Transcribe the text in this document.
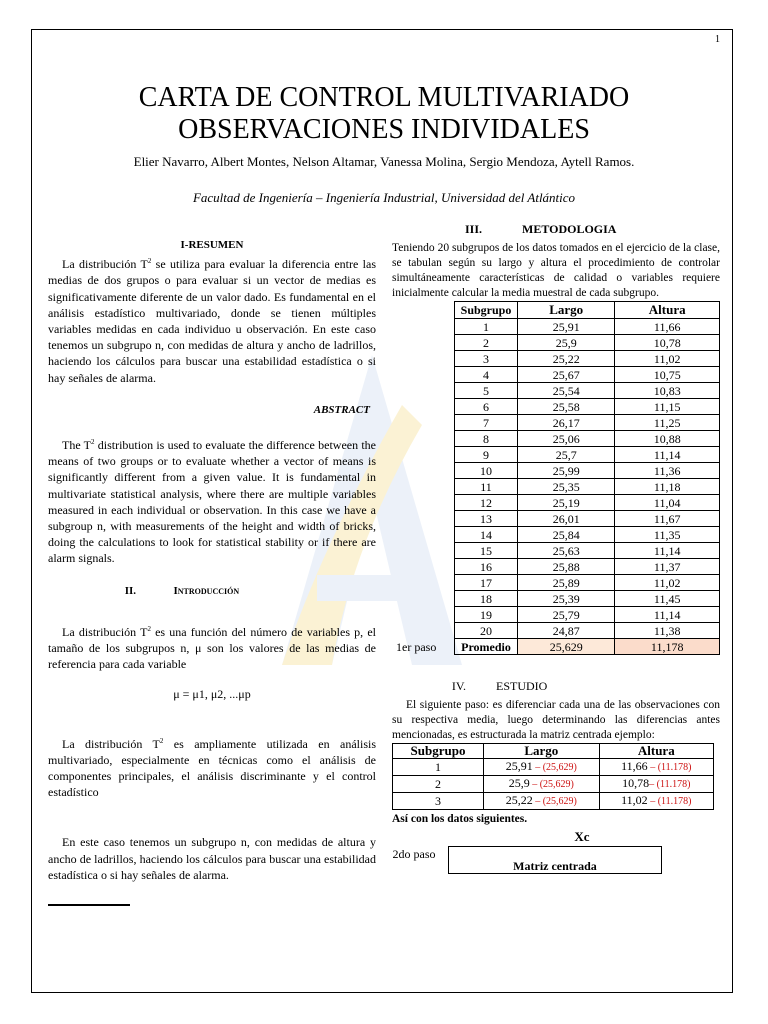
1
CARTA DE CONTROL MULTIVARIADO
OBSERVACIONES INDIVIDALES
Elier Navarro, Albert Montes, Nelson Altamar, Vanessa Molina, Sergio Mendoza, Aytell Ramos.
Facultad de Ingeniería – Ingeniería Industrial, Universidad del Atlántico
I-RESUMEN

La distribución $T^2$ se utiliza para evaluar la diferencia entre las medias de dos grupos o para evaluar si un vector de medias es significativamente diferente de un valor dado. Es fundamental en el análisis estadístico multivariado, donde se tienen múltiples variables medidas en cada individuo u observación. En este caso tenemos un subgrupo n, con medidas de altura y ancho de ladrillos, haciendo los cálculos para buscar una estabilidad estadística o si hay señales de alarma.

ABSTRACT

The $T^2$ distribution is used to evaluate the difference between the means of two groups or to evaluate whether a vector of means is significantly different from a given value. It is fundamental in multivariate statistical analysis, where there are multiple variables measured in each individual or observation. In this case we have a subgroup n, with measurements of the height and width of bricks, doing the calculations to look for statistical stability or if there are alarm signals.

II.	Introducción

La distribución $T^2$ es una función del número de variables p, el tamaño de los subgrupos n, μ son los valores de las medias de referencia para cada variable

μ = μ1, μ2, ...μp

La distribución $T^2$ es ampliamente utilizada en análisis multivariado, especialmente en técnicas como el análisis de componentes principales, el análisis discriminante y el control estadístico

En este caso tenemos un subgrupo n, con medidas de altura y ancho de ladrillos, haciendo los cálculos para buscar una estabilidad estadística o si hay señales de alarma.

III.	METODOLOGIA

Teniendo 20 subgrupos de los datos tomados en el ejercicio de la clase, se tabulan según su largo y altura el procedimiento de controlar simultáneamente características de calidad o variables requiere inicialmente calcular la media muestral de cada subgrupo.

Subgrupo	Largo	Altura
1	25,91	11,66
2	25,9	10,78
3	25,22	11,02
4	25,67	10,75
5	25,54	10,83
6	25,58	11,15
7	26,17	11,25
8	25,06	10,88
9	25,7	11,14
10	25,99	11,36
11	25,35	11,18
12	25,19	11,04
13	26,01	11,67
14	25,84	11,35
15	25,63	11,14
16	25,88	11,37
17	25,89	11,02
18	25,39	11,45
19	25,79	11,14
20	24,87	11,38
Promedio	25,629	11,178
1er paso
IV.	ESTUDIO

El siguiente paso: es diferenciar cada una de las observaciones con su respectiva media, luego determinando las diferencias antes mencionadas, es estructurada la matriz centrada ejemplo:

Subgrupo	Largo	Altura
1	25,91 – (25,629)	11,66 – (11.178)
2	25,9 – (25,629)	10,78– (11.178)
3	25,22 – (25,629)	11,02 – (11.178)
Así con los datos siguientes.
Xc
2do paso
Matriz centrada
